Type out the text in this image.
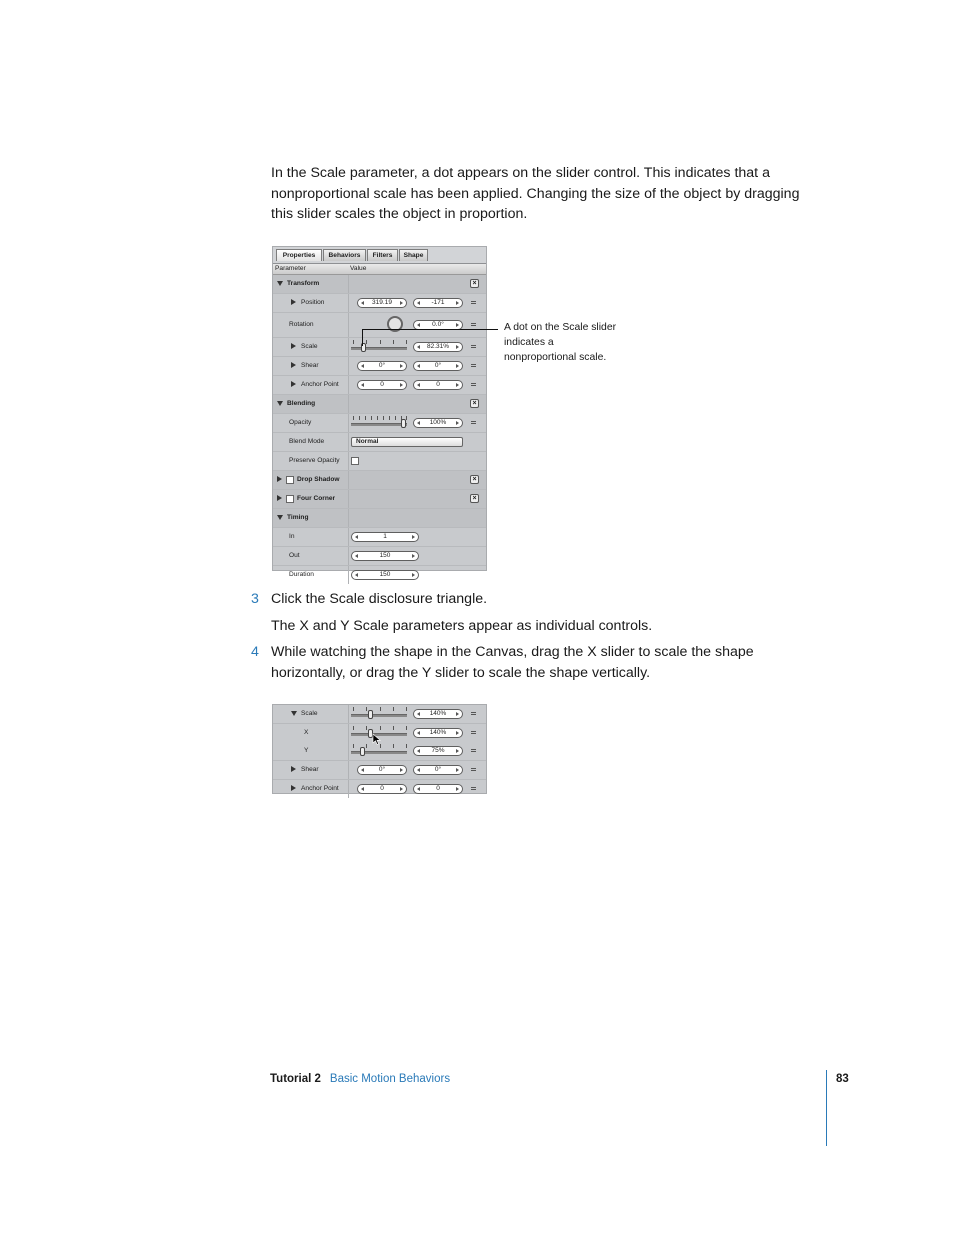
In the Scale parameter, a dot appears on the slider control. This indicates that a
nonproportional scale has been applied. Changing the size of the object by dragging
this slider scales the object in proportion.

Properties	Behaviors	Filters	Shape
Parameter	Value
Transform	×
Position	319.19	-171
Rotation	0.0°
Scale	82.31%
Shear	0°	0°
Anchor Point	0	0
Blending	×
Opacity	100%
Blend Mode	Normal
Preserve Opacity
Drop Shadow	×
Four Corner	×
Timing
In	1
Out	150
Duration	150
A dot on the Scale slider
indicates a
nonproportional scale.
3 Click the Scale disclosure triangle.

The X and Y Scale parameters appear as individual controls.

4 While watching the shape in the Canvas, drag the X slider to scale the shape
horizontally, or drag the Y slider to scale the shape vertically.

Scale	140%
X	140%
Y	75%
Shear	0°	0°
Anchor Point	0	0
Tutorial 2 Basic Motion Behaviors	83
